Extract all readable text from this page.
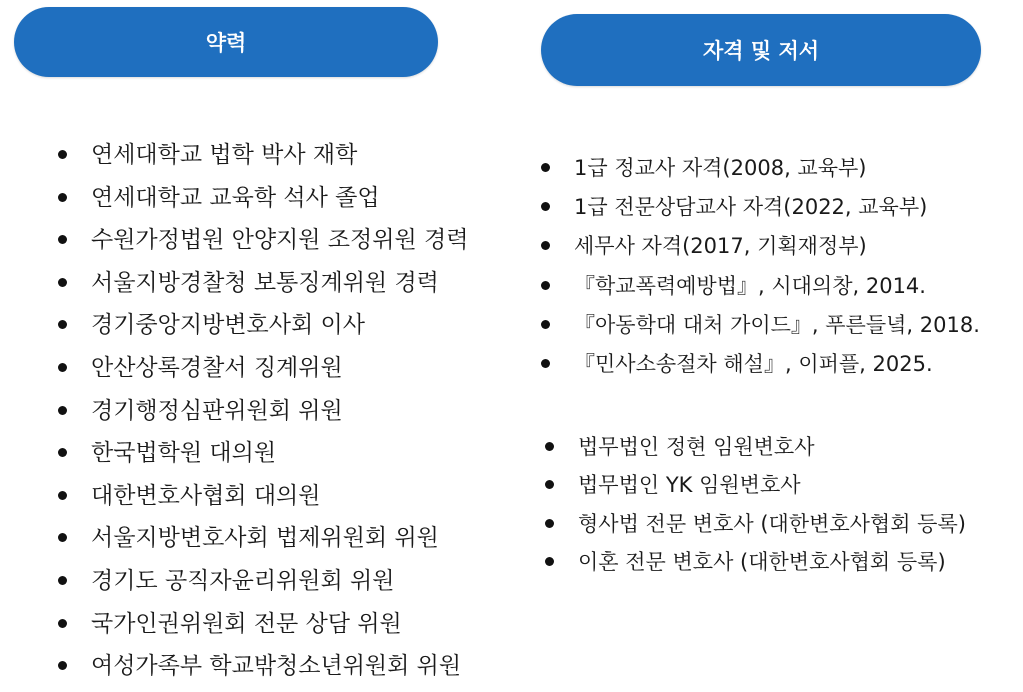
약력	자격 및 저서
연세대학교 법학 박사 재학
연세대학교 교육학 석사 졸업
수원가정법원 안양지원 조정위원 경력
서울지방경찰청 보통징계위원 경력
경기중앙지방변호사회 이사
안산상록경찰서 징계위원
경기행정심판위원회 위원
한국법학원 대의원
대한변호사협회 대의원
서울지방변호사회 법제위원회 위원
경기도 공직자윤리위원회 위원
국가인권위원회 전문 상담 위원
여성가족부 학교밖청소년위원회 위원
1급 정교사 자격(2008, 교육부)
1급 전문상담교사 자격(2022, 교육부)
세무사 자격(2017, 기획재정부)
『학교폭력예방법』, 시대의창, 2014.
『아동학대 대처 가이드』, 푸른들녘, 2018.
『민사소송절차 해설』, 이퍼플, 2025.
법무법인 정현 임원변호사
법무법인 YK 임원변호사
형사법 전문 변호사 (대한변호사협회 등록)
이혼 전문 변호사 (대한변호사협회 등록)
